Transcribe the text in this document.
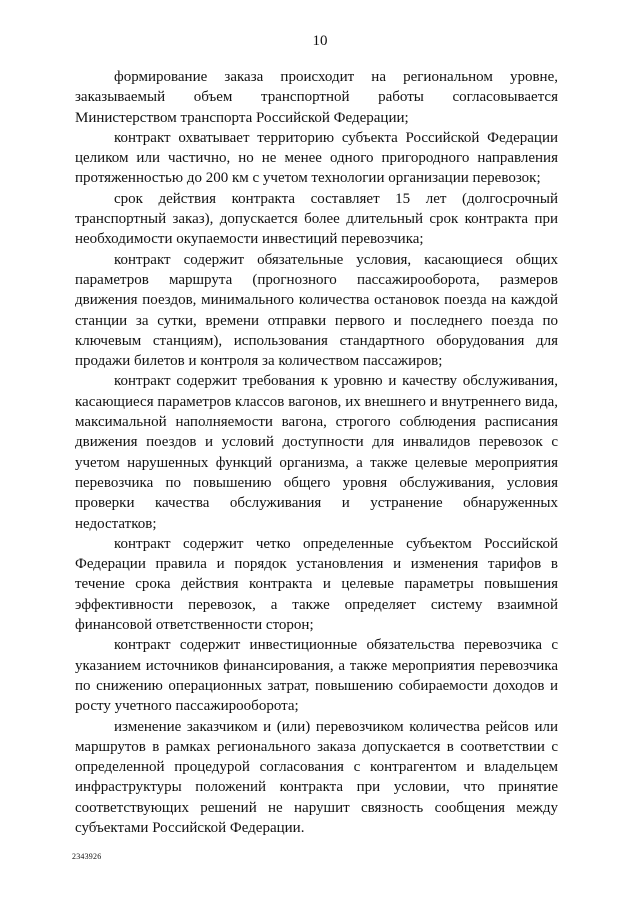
10

формирование заказа происходит на региональном уровне, заказываемый объем транспортной работы согласовывается Министерством транспорта Российской Федерации;

контракт охватывает территорию субъекта Российской Федерации целиком или частично, но не менее одного пригородного направления протяженностью до 200 км с учетом технологии организации перевозок;

срок действия контракта составляет 15 лет (долгосрочный транспортный заказ), допускается более длительный срок контракта при необходимости окупаемости инвестиций перевозчика;

контракт содержит обязательные условия, касающиеся общих параметров маршрута (прогнозного пассажирооборота, размеров движения поездов, минимального количества остановок поезда на каждой станции за сутки, времени отправки первого и последнего поезда по ключевым станциям), использования стандартного оборудования для продажи билетов и контроля за количеством пассажиров;

контракт содержит требования к уровню и качеству обслуживания, касающиеся параметров классов вагонов, их внешнего и внутреннего вида, максимальной наполняемости вагона, строгого соблюдения расписания движения поездов и условий доступности для инвалидов перевозок с учетом нарушенных функций организма, а также целевые мероприятия перевозчика по повышению общего уровня обслуживания, условия проверки качества обслуживания и устранение обнаруженных недостатков;

контракт содержит четко определенные субъектом Российской Федерации правила и порядок установления и изменения тарифов в течение срока действия контракта и целевые параметры повышения эффективности перевозок, а также определяет систему взаимной финансовой ответственности сторон;

контракт содержит инвестиционные обязательства перевозчика с указанием источников финансирования, а также мероприятия перевозчика по снижению операционных затрат, повышению собираемости доходов и росту учетного пассажирооборота;

изменение заказчиком и (или) перевозчиком количества рейсов или маршрутов в рамках регионального заказа допускается в соответствии с определенной процедурой согласования с контрагентом и владельцем инфраструктуры положений контракта при условии, что принятие соответствующих решений не нарушит связность сообщения между субъектами Российской Федерации.

2343926
